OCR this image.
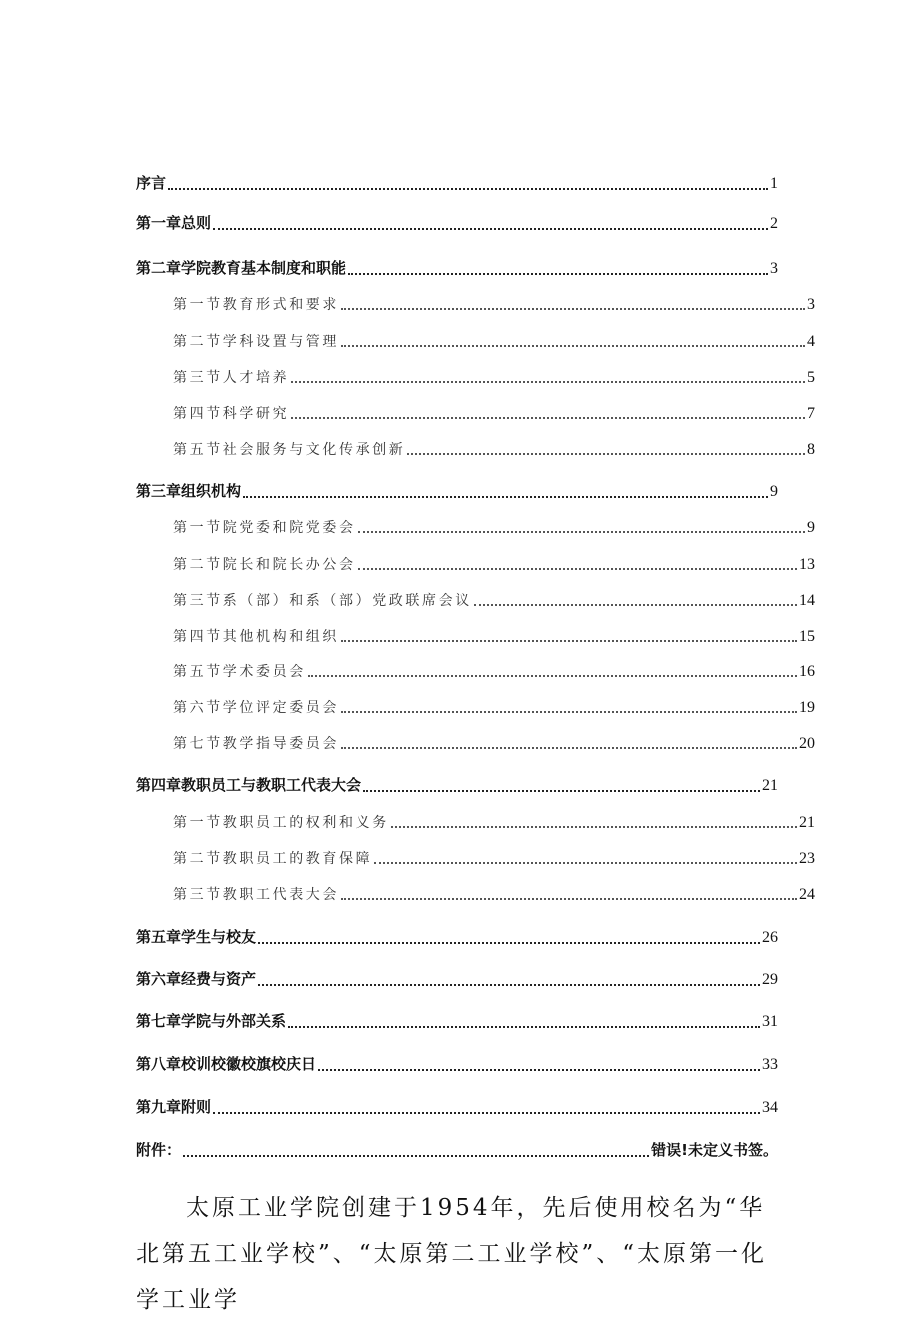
序言	1
第一章总则	2
第二章学院教育基本制度和职能	3
第一节教育形式和要求	3
第二节学科设置与管理	4
第三节人才培养	5
第四节科学研究	7
第五节社会服务与文化传承创新	8
第三章组织机构	9
第一节院党委和院党委会	9
第二节院长和院长办公会	13
第三节系（部）和系（部）党政联席会议	14
第四节其他机构和组织	15
第五节学术委员会	16
第六节学位评定委员会	19
第七节教学指导委员会	20
第四章教职员工与教职工代表大会	21
第一节教职员工的权利和义务	21
第二节教职员工的教育保障	23
第三节教职工代表大会	24
第五章学生与校友	26
第六章经费与资产	29
第七章学院与外部关系	31
第八章校训校徽校旗校庆日	33
第九章附则	34
附件：	错误!未定义书签。
太原工业学院创建于1954年，先后使用校名为“华北第五工业学校”、“太原第二工业学校”、“太原第一化学工业学
